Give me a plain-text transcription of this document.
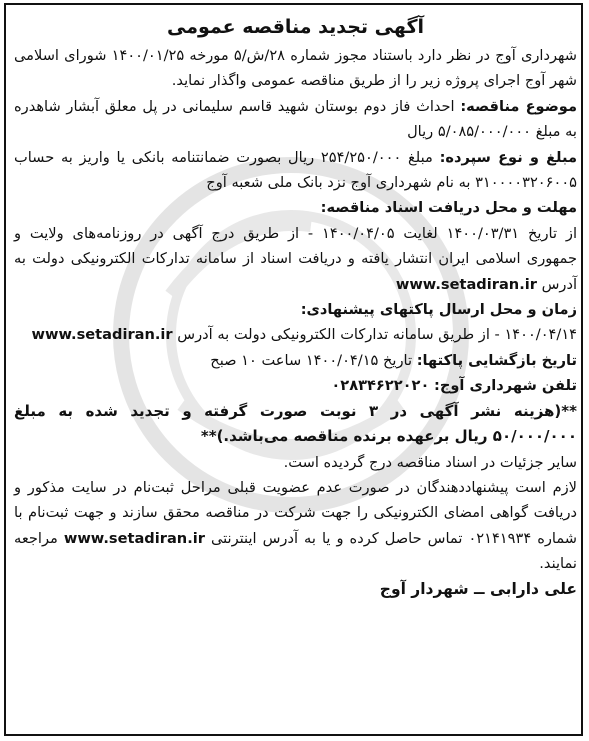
آگهی تجدید مناقصه عمومی

شهرداری آوج در نظر دارد باستناد مجوز شماره ۲۸/ش/۵ مورخه ۱۴۰۰/۰۱/۲۵ شورای اسلامی شهر آوج اجرای پروژه زیر را از طریق مناقصه عمومی واگذار نماید.

موضوع مناقصه: احداث فاز دوم بوستان شهید قاسم سلیمانی در پل معلق آبشار شاهدره به مبلغ ۵/۰۸۵/۰۰۰/۰۰۰ ریال

مبلغ و نوع سپرده: مبلغ ۲۵۴/۲۵۰/۰۰۰ ریال بصورت ضمانتنامه بانکی یا واریز به حساب ۳۱۰۰۰۰۳۲۰۶۰۰۵ به نام شهرداری آوج نزد بانک ملی شعبه آوج

مهلت و محل دریافت اسناد مناقصه:

از تاریخ ۱۴۰۰/۰۳/۳۱ لغایت ۱۴۰۰/۰۴/۰۵ - از طریق درج آگهی در روزنامه‌های ولایت و جمهوری اسلامی ایران انتشار یافته و دریافت اسناد از سامانه تدارکات الکترونیکی دولت به آدرس www.setadiran.ir

زمان و محل ارسال پاکتهای پیشنهادی:

۱۴۰۰/۰۴/۱۴ - از طریق سامانه تدارکات الکترونیکی دولت به آدرس www.setadiran.ir

تاریخ بازگشایی پاکتها: تاریخ ۱۴۰۰/۰۴/۱۵ ساعت ۱۰ صبح

تلفن شهرداری آوج: ۰۲۸۳۴۶۲۲۰۲۰

**(هزینه نشر آگهی در ۳ نوبت صورت گرفته و تجدید شده به مبلغ ۵۰/۰۰۰/۰۰۰ ریال برعهده برنده مناقصه می‌باشد.)**

سایر جزئیات در اسناد مناقصه درج گردیده است.

لازم است پیشنهاددهندگان در صورت عدم عضویت قبلی مراحل ثبت‌نام در سایت مذکور و دریافت گواهی امضای الکترونیکی را جهت شرکت در مناقصه محقق سازند و جهت ثبت‌نام با شماره ۰۲۱۴۱۹۳۴ تماس حاصل کرده و یا به آدرس اینترنتی www.setadiran.ir مراجعه نمایند.

علی دارابی ــ شهردار آوج
